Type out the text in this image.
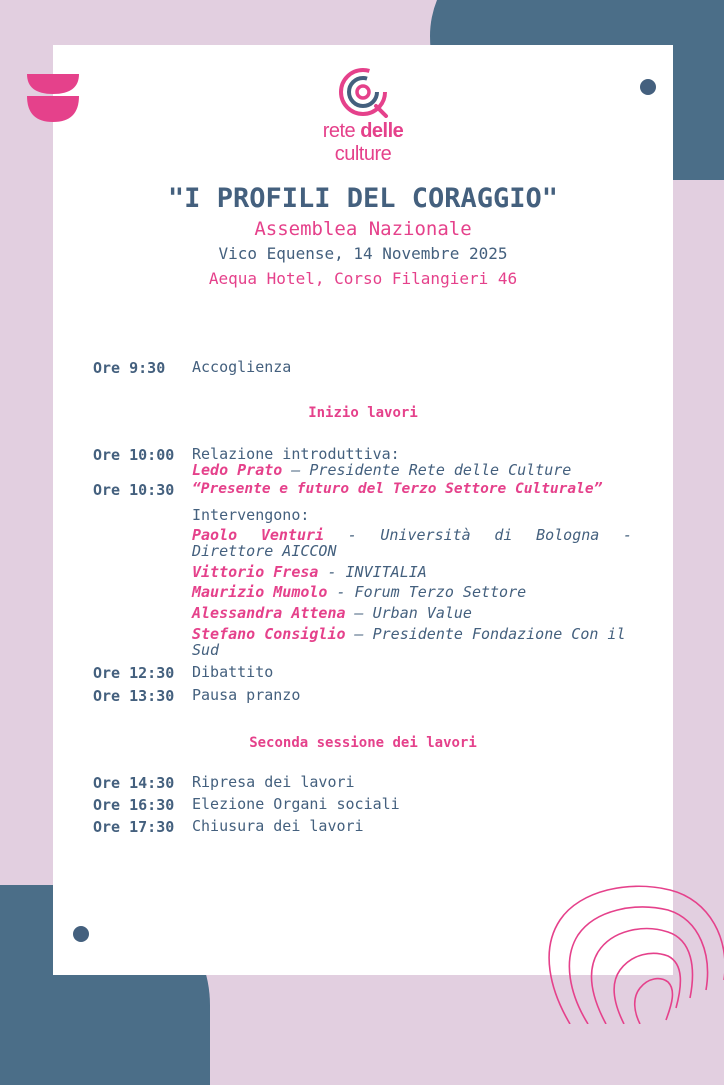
rete delle culture
"I PROFILI DEL CORAGGIO"
Assemblea Nazionale
Vico Equense, 14 Novembre 2025
Aequa Hotel, Corso Filangieri 46
Ore 9:30 Accoglienza
Inizio lavori
Ore 10:00 Relazione introduttiva:
Ledo Prato – Presidente Rete delle Culture
Ore 10:30 “Presente e futuro del Terzo Settore Culturale”
Intervengono:
Paolo Venturi - Università di Bologna - Direttore AICCON
Vittorio Fresa - INVITALIA
Maurizio Mumolo - Forum Terzo Settore
Alessandra Attena – Urban Value
Stefano Consiglio – Presidente Fondazione Con il Sud
Ore 12:30 Dibattito
Ore 13:30 Pausa pranzo
Seconda sessione dei lavori
Ore 14:30 Ripresa dei lavori
Ore 16:30 Elezione Organi sociali
Ore 17:30 Chiusura dei lavori
